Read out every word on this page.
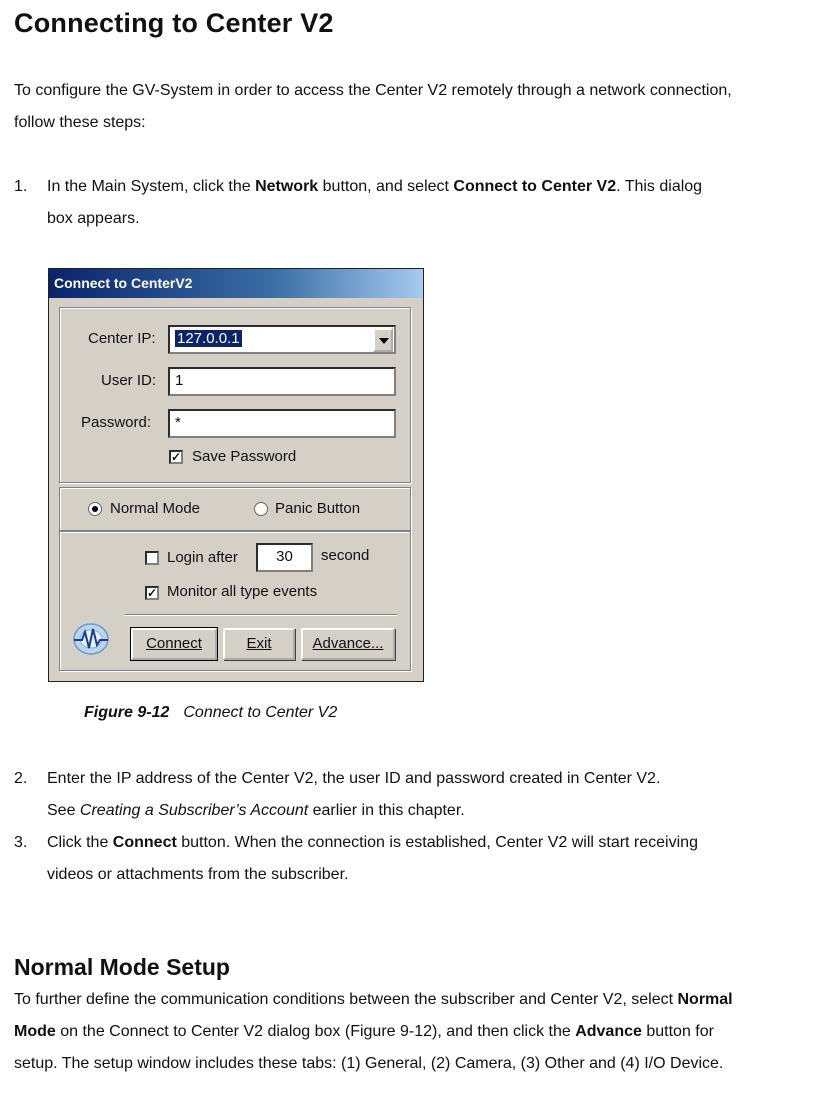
Connecting to Center V2
To configure the GV-System in order to access the Center V2 remotely through a network connection,
follow these steps:
1. In the Main System, click the Network button, and select Connect to Center V2. This dialog
box appears.
Connect to CenterV2
Center IP:	127.0.0.1
User ID:	1
Password:	*
✓ Save Password
Normal Mode	Panic Button
Login after	30	second
✓ Monitor all type events
Connect	Exit	Advance...
Figure 9-12 Connect to Center V2
2. Enter the IP address of the Center V2, the user ID and password created in Center V2.
See Creating a Subscriber’s Account earlier in this chapter.
3. Click the Connect button. When the connection is established, Center V2 will start receiving
videos or attachments from the subscriber.
Normal Mode Setup
To further define the communication conditions between the subscriber and Center V2, select Normal
Mode on the Connect to Center V2 dialog box (Figure 9-12), and then click the Advance button for
setup. The setup window includes these tabs: (1) General, (2) Camera, (3) Other and (4) I/O Device.
